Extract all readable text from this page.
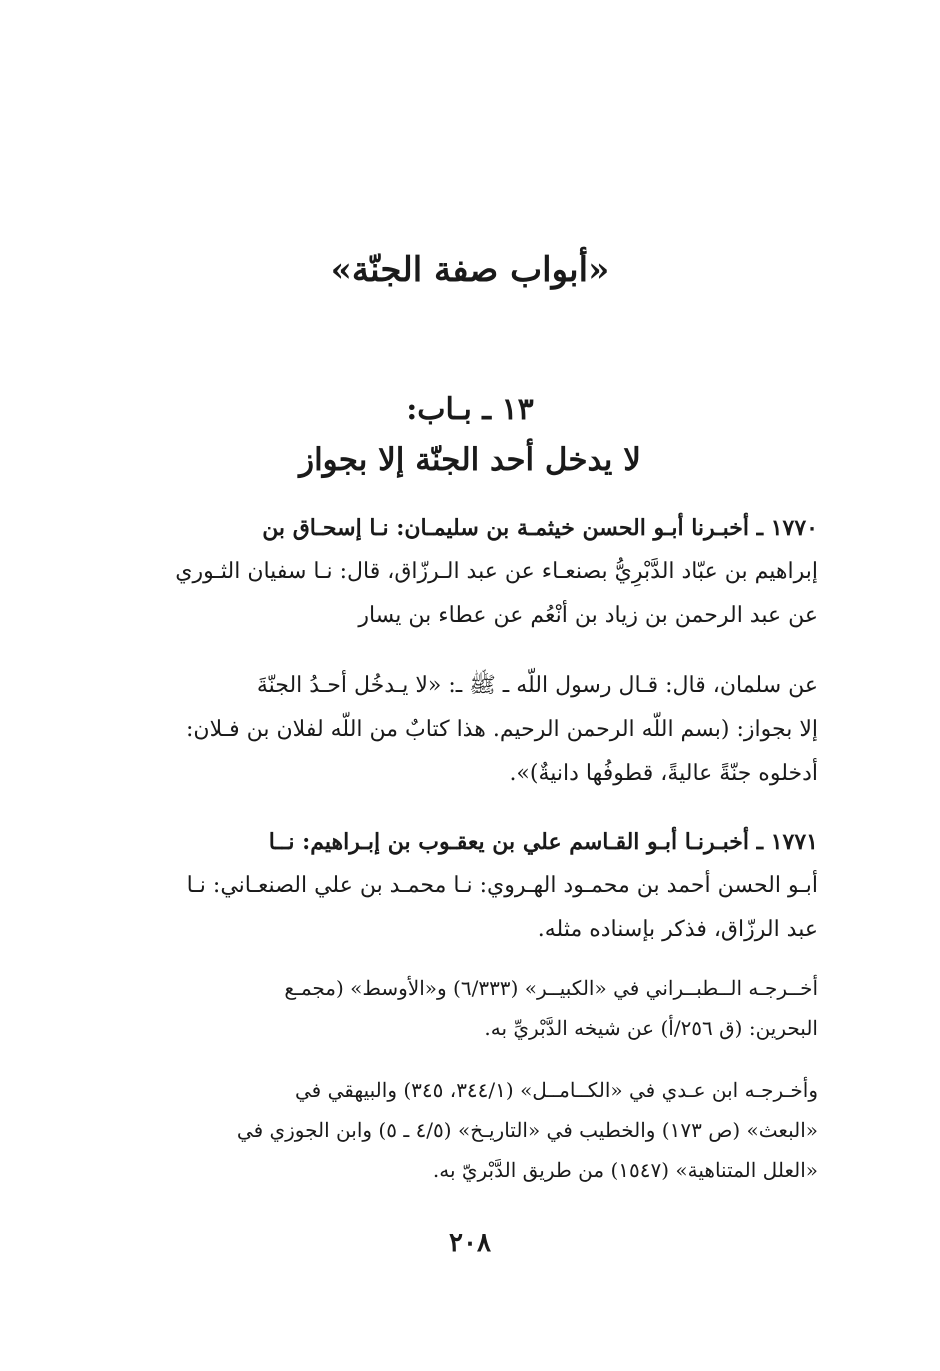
«أبواب صفة الجنّة»
١٣ ـ بـاب:
لا يدخل أحد الجنّة إلا بجواز
١٧٧٠ ـ أخبـرنا أبـو الحسن خيثمـة بن سليمـان: نـا إسحـاق بن
إبراهيم بن عبّاد الدَّبْرِيُّ بصنعـاء عن عبد الـرزّاق، قال: نـا سفيان الثـوري
عن عبد الرحمن بن زياد بن أنْعُم عن عطاء بن يسار
عن سلمان، قال: قـال رسول اللّه ـ ﷺ ـ: «لا يـدخُل أحـدُ الجنّةَ
إلا بجواز: (بسم اللّه الرحمن الرحيم. هذا كتابٌ من اللّه لفلان بن فـلان:
أدخلوه جنّةً عاليةً، قطوفُها دانيةٌ)».
١٧٧١ ـ أخبـرنـا أبـو القـاسم علي بن يعقـوب بن إبـراهيم: نــا
أبـو الحسن أحمد بن محمـود الهـروي: نـا محمـد بن علي الصنعـاني: نـا
عبد الرزّاق، فذكر بإسناده مثله.
أخــرجـه الــطبــراني في «الكبيــر» (٦/٣٣٣) و«الأوسط» (مجمـع
البحرين: (ق ٢٥٦/أ) عن شيخه الدَّبْريِّ به.
وأخـرجـه ابن عـدي في «الكــامــل» (٣٤٤/١، ٣٤٥) والبيهقي في
«البعث» (ص ١٧٣) والخطيب في «التاريـخ» (٤/٥ ـ ٥) وابن الجوزي في
«العلل المتناهية» (١٥٤٧) من طريق الدَّبْريّ به.
٢٠٨
